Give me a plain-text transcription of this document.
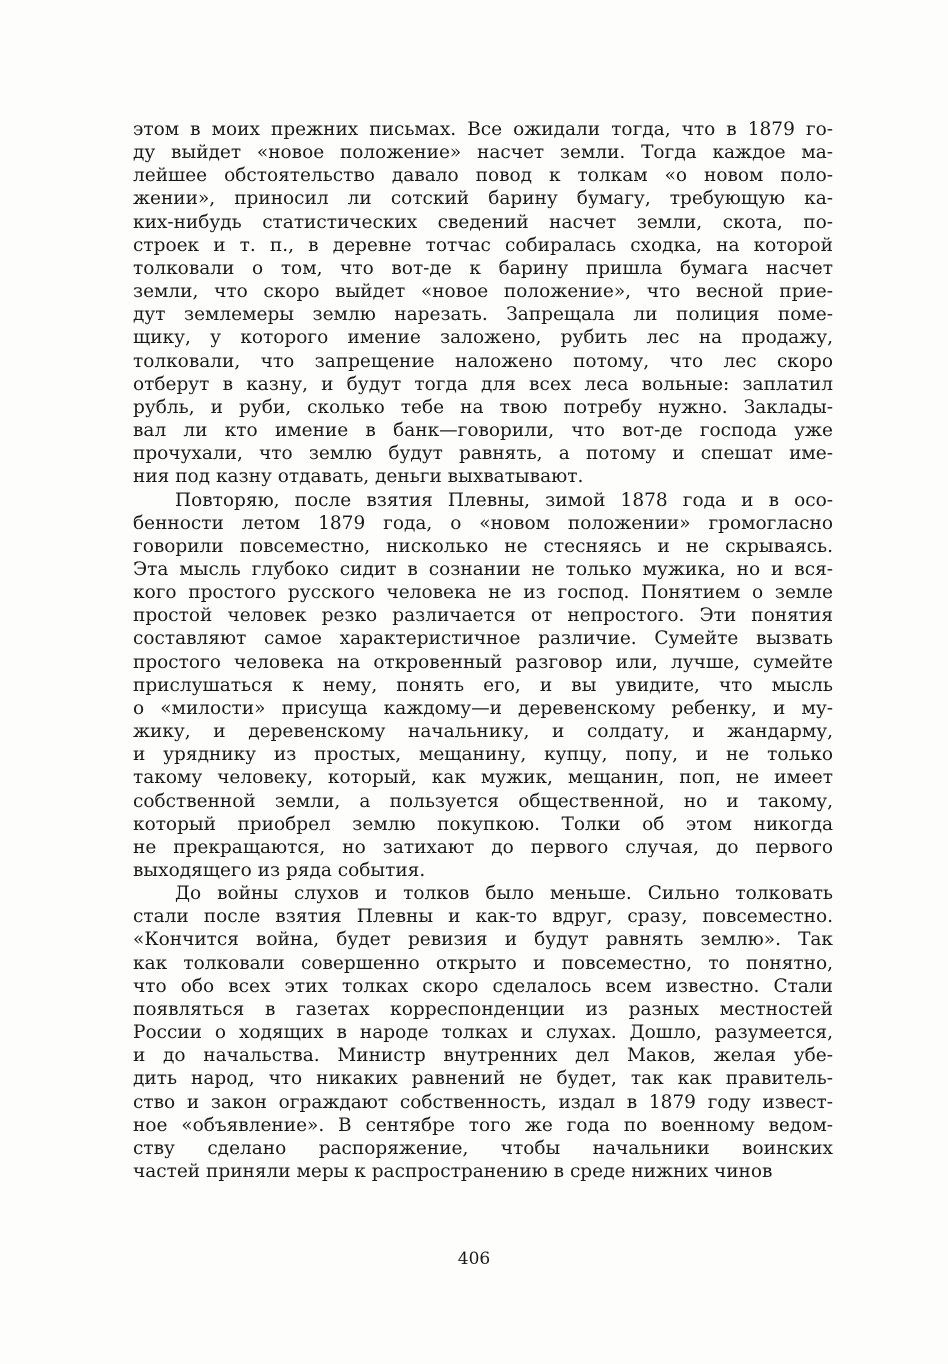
этом в моих прежних письмах. Все ожидали тогда, что в 1879 го-
ду выйдет «новое положение» насчет земли. Тогда каждое ма-
лейшее обстоятельство давало повод к толкам «о новом поло-
жении», приносил ли сотский барину бумагу, требующую ка-
ких-нибудь статистических сведений насчет земли, скота, по-
строек и т. п., в деревне тотчас собиралась сходка, на которой
толковали о том, что вот-де к барину пришла бумага насчет
земли, что скоро выйдет «новое положение», что весной прие-
дут землемеры землю нарезать. Запрещала ли полиция поме-
щику, у которого имение заложено, рубить лес на продажу,
толковали, что запрещение наложено потому, что лес скоро
отберут в казну, и будут тогда для всех леса вольные: заплатил
рубль, и руби, сколько тебе на твою потребу нужно. Заклады-
вал ли кто имение в банк—говорили, что вот-де господа уже
прочухали, что землю будут равнять, а потому и спешат име-
ния под казну отдавать, деньги выхватывают.

Повторяю, после взятия Плевны, зимой 1878 года и в осо-
бенности летом 1879 года, о «новом положении» громогласно
говорили повсеместно, нисколько не стесняясь и не скрываясь.
Эта мысль глубоко сидит в сознании не только мужика, но и вся-
кого простого русского человека не из господ. Понятием о земле
простой человек резко различается от непростого. Эти понятия
составляют самое характеристичное различие. Сумейте вызвать
простого человека на откровенный разговор или, лучше, сумейте
прислушаться к нему, понять его, и вы увидите, что мысль
о «милости» присуща каждому—и деревенскому ребенку, и му-
жику, и деревенскому начальнику, и солдату, и жандарму,
и уряднику из простых, мещанину, купцу, попу, и не только
такому человеку, который, как мужик, мещанин, поп, не имеет
собственной земли, а пользуется общественной, но и такому,
который приобрел землю покупкою. Толки об этом никогда
не прекращаются, но затихают до первого случая, до первого
выходящего из ряда события.

До войны слухов и толков было меньше. Сильно толковать
стали после взятия Плевны и как-то вдруг, сразу, повсеместно.
«Кончится война, будет ревизия и будут равнять землю». Так
как толковали совершенно открыто и повсеместно, то понятно,
что обо всех этих толках скоро сделалось всем известно. Стали
появляться в газетах корреспонденции из разных местностей
России о ходящих в народе толках и слухах. Дошло, разумеется,
и до начальства. Министр внутренних дел Маков, желая убе-
дить народ, что никаких равнений не будет, так как правитель-
ство и закон ограждают собственность, издал в 1879 году извест-
ное «объявление». В сентябре того же года по военному ведом-
ству сделано распоряжение, чтобы начальники воинских
частей приняли меры к распространению в среде нижних чинов

406
